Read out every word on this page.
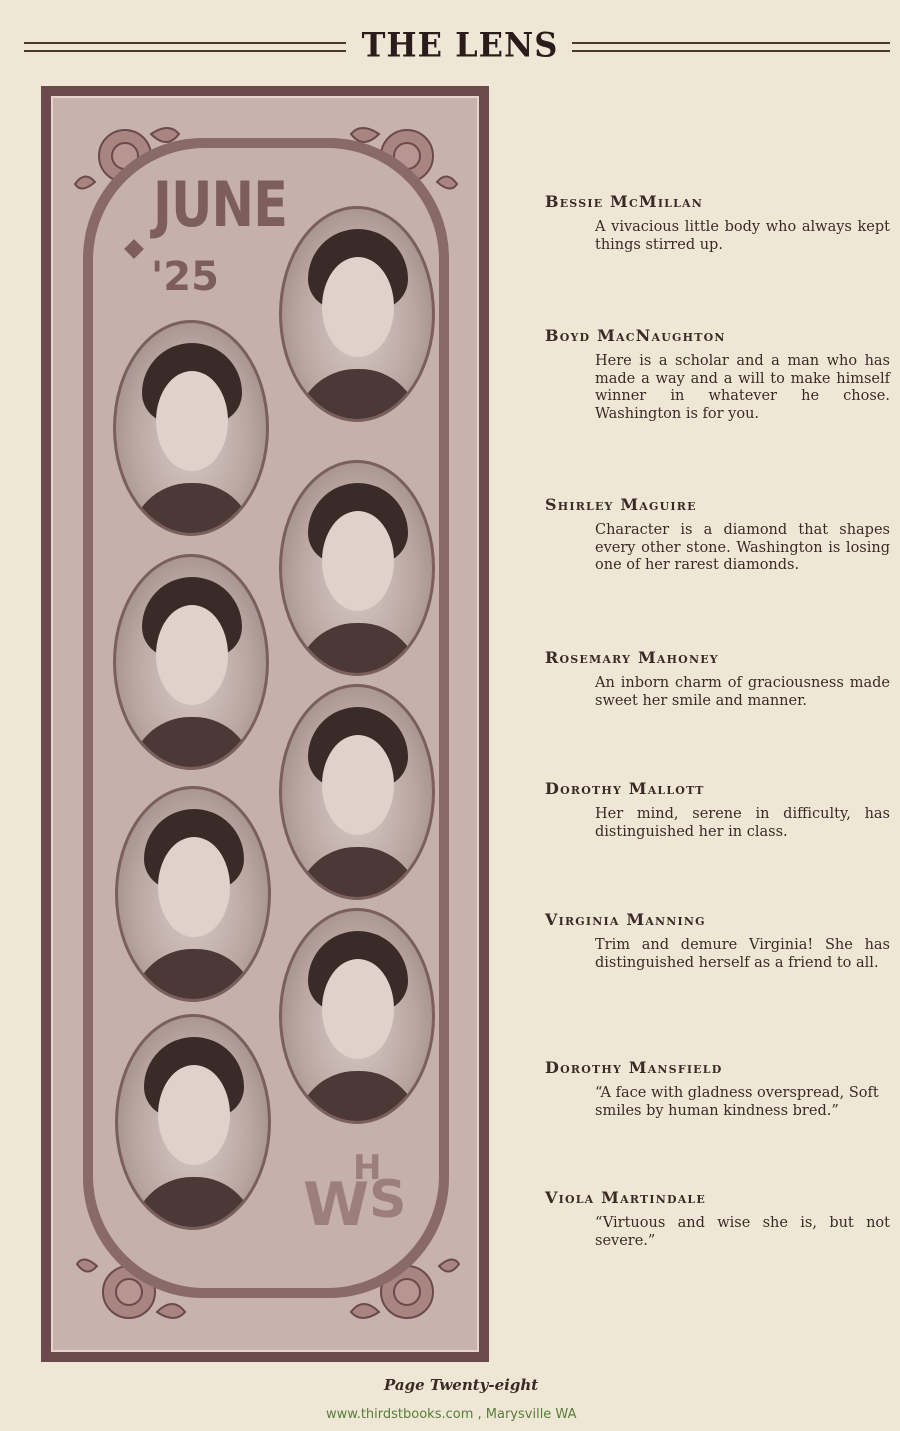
THE LENS
JUNE
'25
W
H
S
Bessie McMillan
A vivacious little body who always kept things stirred up.
Boyd MacNaughton
Here is a scholar and a man who has made a way and a will to make himself winner in whatever he chose. Washington is for you.
Shirley Maguire
Character is a diamond that shapes every other stone. Washington is losing one of her rarest diamonds.
Rosemary Mahoney
An inborn charm of graciousness made sweet her smile and manner.
Dorothy Mallott
Her mind, serene in difficulty, has distinguished her in class.
Virginia Manning
Trim and demure Virginia! She has distinguished herself as a friend to all.
Dorothy Mansfield
“A face with gladness overspread, Soft smiles by human kindness bred.”
Viola Martindale
“Virtuous and wise she is, but not severe.”
Page Twenty-eight
www.thirdstbooks.com , Marysville WA
